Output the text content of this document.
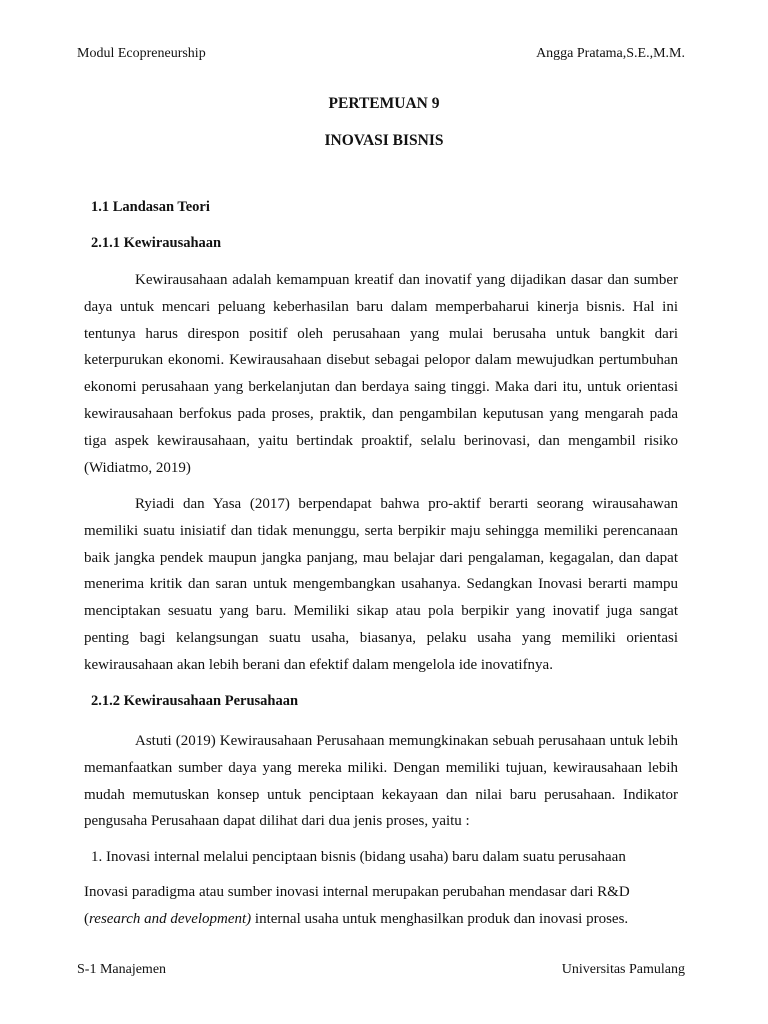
Modul Ecopreneurship	Angga Pratama,S.E.,M.M.
PERTEMUAN 9
INOVASI BISNIS
1.1 Landasan Teori
2.1.1 Kewirausahaan
Kewirausahaan adalah kemampuan kreatif dan inovatif yang dijadikan dasar dan sumber daya untuk mencari peluang keberhasilan baru dalam memperbaharui kinerja bisnis. Hal ini tentunya harus direspon positif oleh perusahaan yang mulai berusaha untuk bangkit dari keterpurukan ekonomi. Kewirausahaan disebut sebagai pelopor dalam mewujudkan pertumbuhan ekonomi perusahaan yang berkelanjutan dan berdaya saing tinggi. Maka dari itu, untuk orientasi kewirausahaan berfokus pada proses, praktik, dan pengambilan keputusan yang mengarah pada tiga aspek kewirausahaan, yaitu bertindak proaktif, selalu berinovasi, dan mengambil risiko (Widiatmo, 2019)
Ryiadi dan Yasa (2017) berpendapat bahwa pro-aktif berarti seorang wirausahawan memiliki suatu inisiatif dan tidak menunggu, serta berpikir maju sehingga memiliki perencanaan baik jangka pendek maupun jangka panjang, mau belajar dari pengalaman, kegagalan, dan dapat menerima kritik dan saran untuk mengembangkan usahanya. Sedangkan Inovasi berarti mampu menciptakan sesuatu yang baru. Memiliki sikap atau pola berpikir yang inovatif juga sangat penting bagi kelangsungan suatu usaha, biasanya, pelaku usaha yang memiliki orientasi kewirausahaan akan lebih berani dan efektif dalam mengelola ide inovatifnya.
2.1.2 Kewirausahaan Perusahaan
Astuti (2019) Kewirausahaan Perusahaan memungkinakan sebuah perusahaan untuk lebih memanfaatkan sumber daya yang mereka miliki. Dengan memiliki tujuan, kewirausahaan lebih mudah memutuskan konsep untuk penciptaan kekayaan dan nilai baru perusahaan. Indikator pengusaha Perusahaan dapat dilihat dari dua jenis proses, yaitu :
1. Inovasi internal melalui penciptaan bisnis (bidang usaha) baru dalam suatu perusahaan
Inovasi paradigma atau sumber inovasi internal merupakan perubahan mendasar dari R&D
(research and development) internal usaha untuk menghasilkan produk dan inovasi proses.
S-1 Manajemen	Universitas Pamulang
